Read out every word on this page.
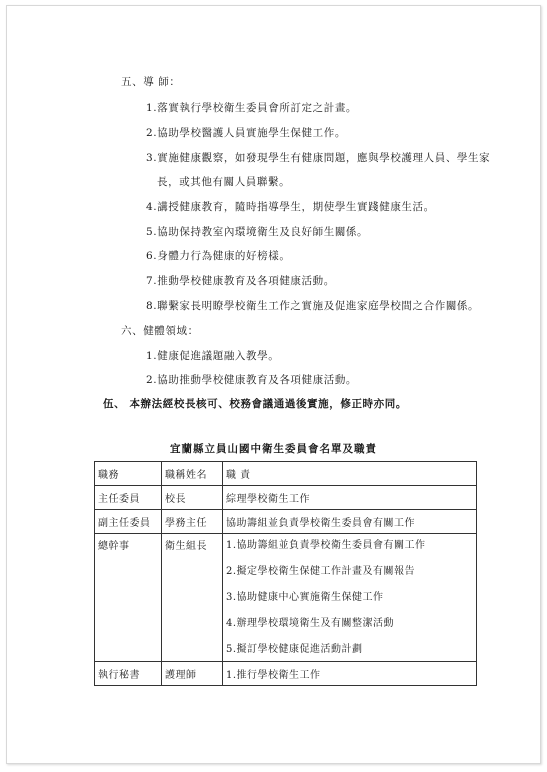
五、導 師：
1.落實執行學校衛生委員會所訂定之計畫。
2.協助學校醫護人員實施學生保健工作。
3.實施健康觀察，如發現學生有健康問題，應與學校護理人員、學生家
長，或其他有關人員聯繫。
4.講授健康教育，隨時指導學生，期使學生實踐健康生活。
5.協助保持教室內環境衛生及良好師生關係。
6.身體力行為健康的好榜樣。
7.推動學校健康教育及各項健康活動。
8.聯繫家長明瞭學校衛生工作之實施及促進家庭學校間之合作關係。
六、健體領域：
1.健康促進議題融入教學。
2.協助推動學校健康教育及各項健康活動。
伍、 本辦法經校長核可、校務會議通過後實施，修正時亦同。
宜蘭縣立員山國中衛生委員會名單及職責
職務	職稱姓名	職 責
主任委員	校長	綜理學校衛生工作
副主任委員	學務主任	協助籌組並負責學校衛生委員會有關工作
總幹事	衛生組長	1.協助籌組並負責學校衛生委員會有關工作
2.擬定學校衛生保健工作計畫及有關報告
3.協助健康中心實施衛生保健工作
4.辦理學校環境衛生及有關整潔活動
5.擬訂學校健康促進活動計劃

執行秘書	護理師	1.推行學校衛生工作
